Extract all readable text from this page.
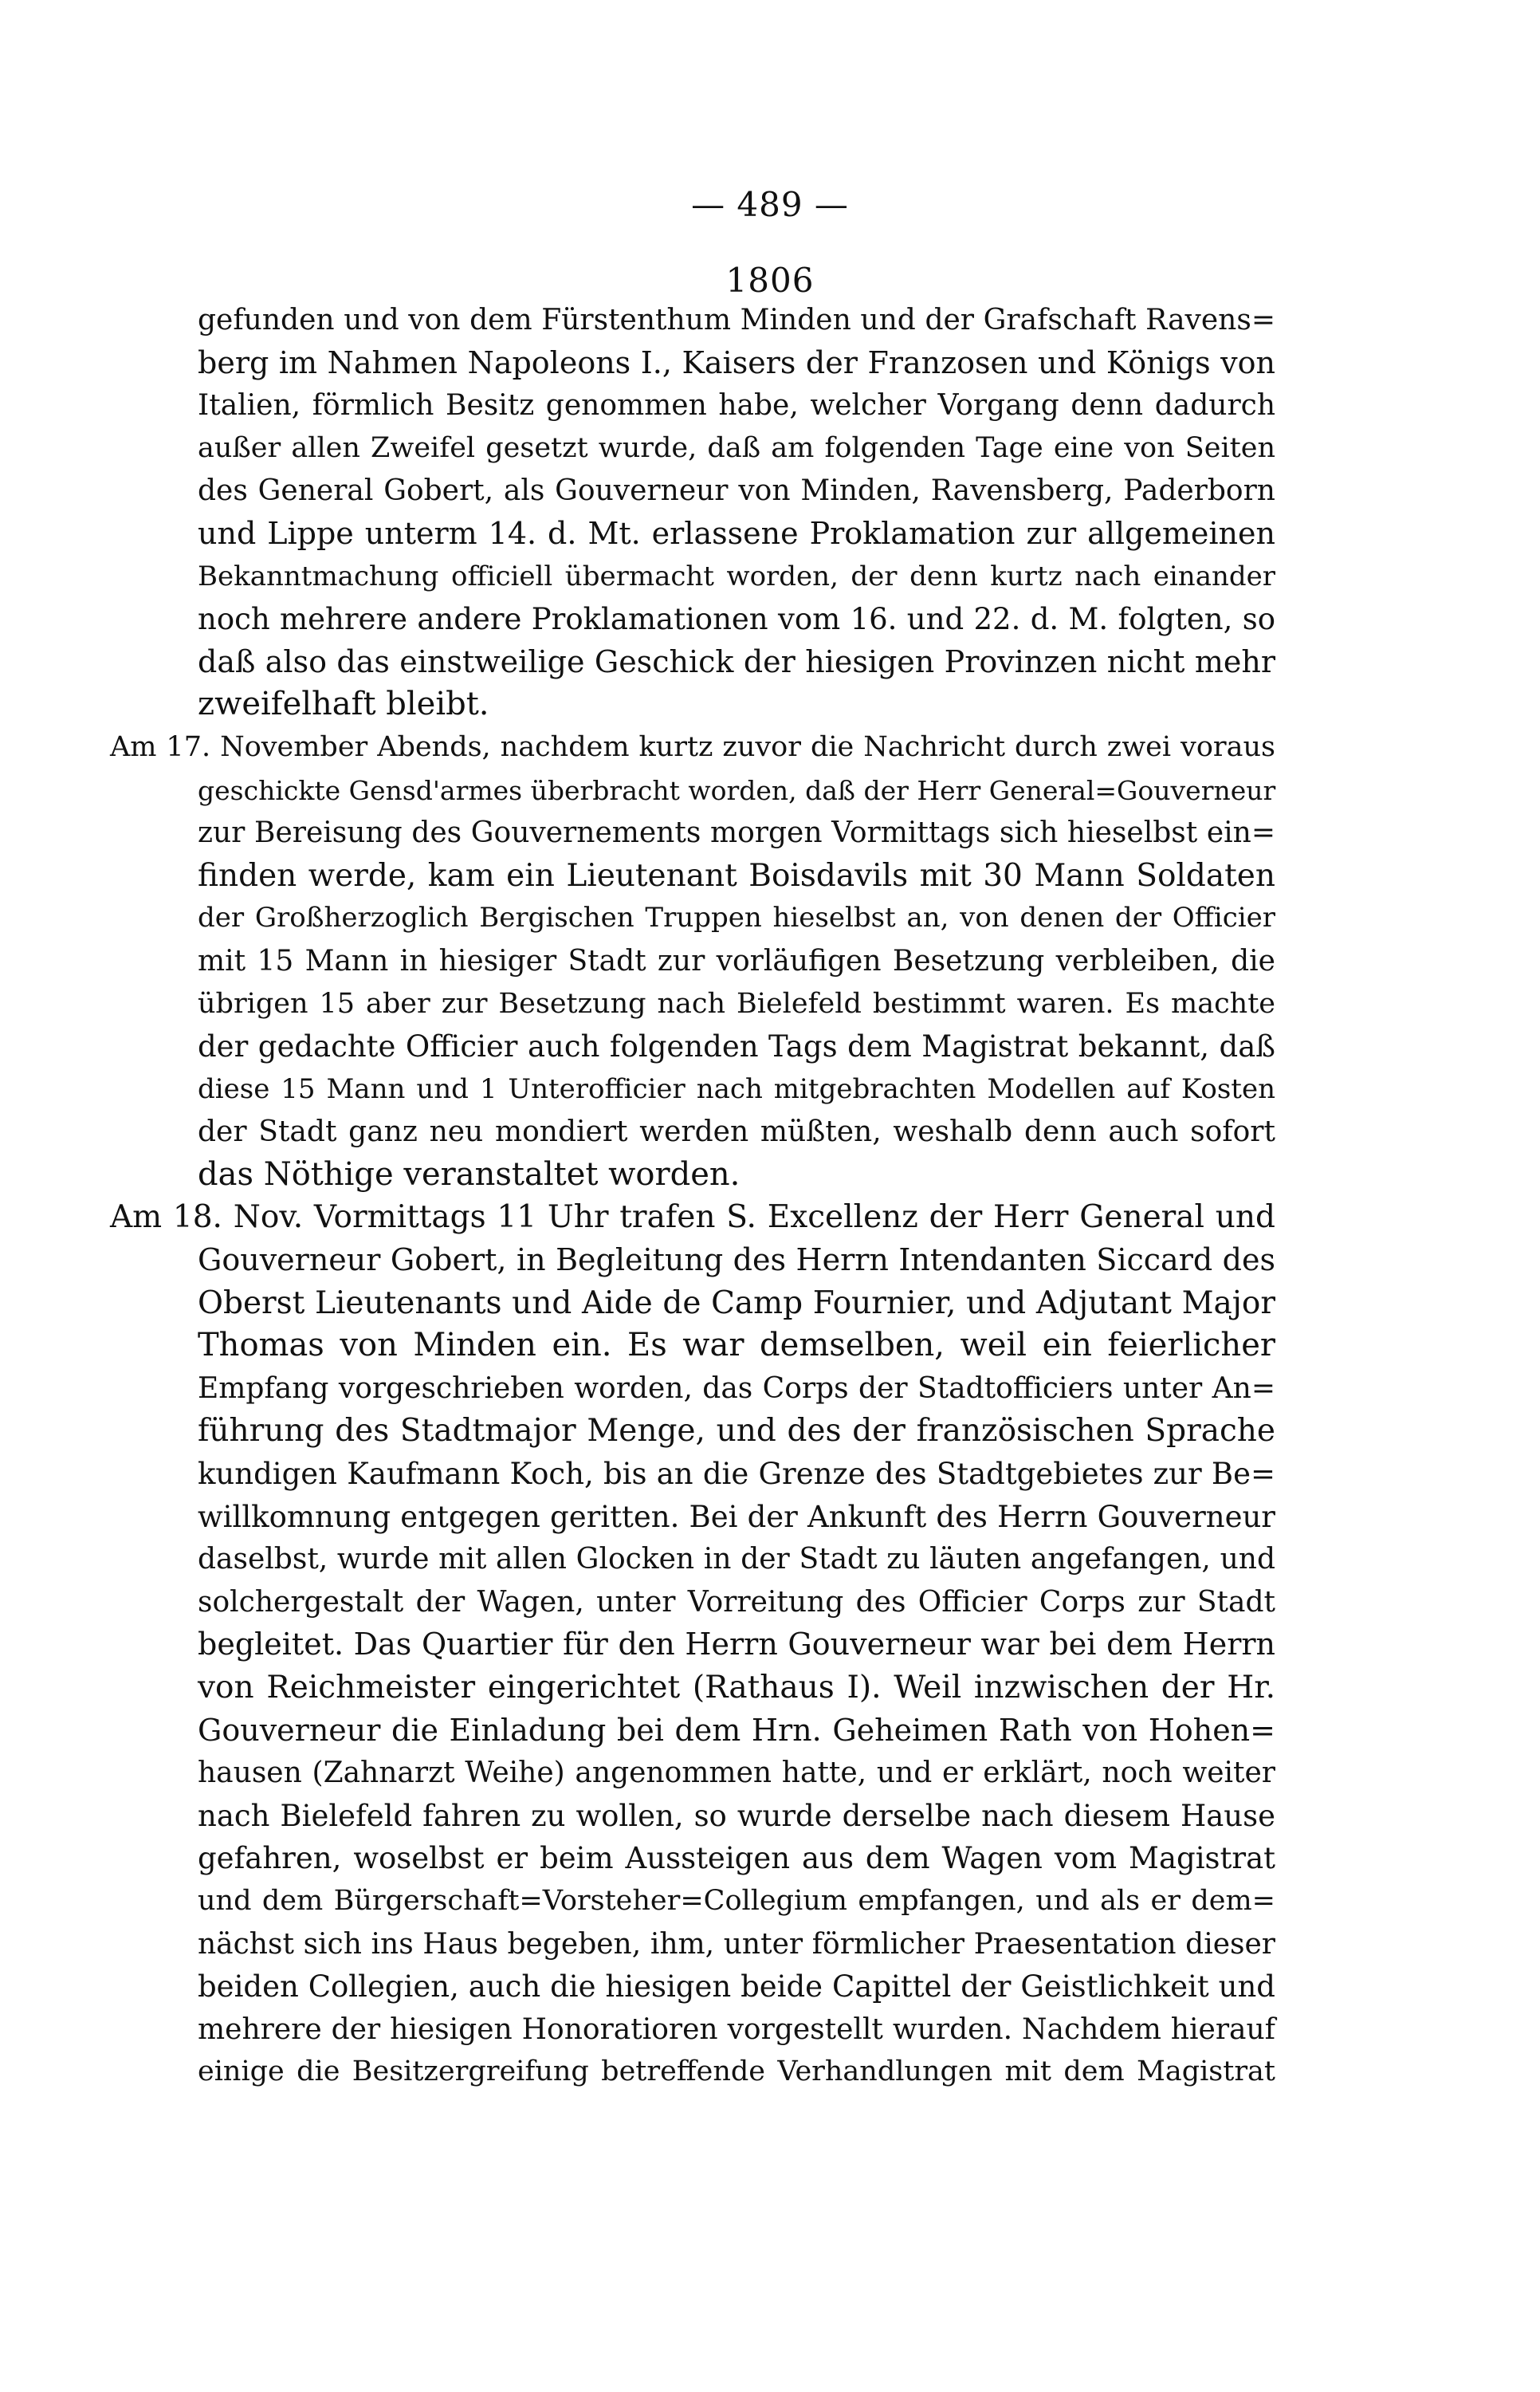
— 489 —
1806
gefunden und von dem Fürstenthum Minden und der Grafschaft Ravens=
berg im Nahmen Napoleons I., Kaisers der Franzosen und Königs von
Italien, förmlich Besitz genommen habe, welcher Vorgang denn dadurch
außer allen Zweifel gesetzt wurde, daß am folgenden Tage eine von Seiten
des General Gobert, als Gouverneur von Minden, Ravensberg, Paderborn
und Lippe unterm 14. d. Mt. erlassene Proklamation zur allgemeinen
Bekanntmachung officiell übermacht worden, der denn kurtz nach einander
noch mehrere andere Proklamationen vom 16. und 22. d. M. folgten, so
daß also das einstweilige Geschick der hiesigen Provinzen nicht mehr
zweifelhaft bleibt.
Am 17. November Abends, nachdem kurtz zuvor die Nachricht durch zwei voraus
geschickte Gensd'armes überbracht worden, daß der Herr General=Gouverneur
zur Bereisung des Gouvernements morgen Vormittags sich hieselbst ein=
finden werde, kam ein Lieutenant Boisdavils mit 30 Mann Soldaten
der Großherzoglich Bergischen Truppen hieselbst an, von denen der Officier
mit 15 Mann in hiesiger Stadt zur vorläufigen Besetzung verbleiben, die
übrigen 15 aber zur Besetzung nach Bielefeld bestimmt waren. Es machte
der gedachte Officier auch folgenden Tags dem Magistrat bekannt, daß
diese 15 Mann und 1 Unterofficier nach mitgebrachten Modellen auf Kosten
der Stadt ganz neu mondiert werden müßten, weshalb denn auch sofort
das Nöthige veranstaltet worden.
Am 18. Nov. Vormittags 11 Uhr trafen S. Excellenz der Herr General und
Gouverneur Gobert, in Begleitung des Herrn Intendanten Siccard des
Oberst Lieutenants und Aide de Camp Fournier, und Adjutant Major
Thomas von Minden ein. Es war demselben, weil ein feierlicher
Empfang vorgeschrieben worden, das Corps der Stadtofficiers unter An=
führung des Stadtmajor Menge, und des der französischen Sprache
kundigen Kaufmann Koch, bis an die Grenze des Stadtgebietes zur Be=
willkomnung entgegen geritten. Bei der Ankunft des Herrn Gouverneur
daselbst, wurde mit allen Glocken in der Stadt zu läuten angefangen, und
solchergestalt der Wagen, unter Vorreitung des Officier Corps zur Stadt
begleitet. Das Quartier für den Herrn Gouverneur war bei dem Herrn
von Reichmeister eingerichtet (Rathaus I). Weil inzwischen der Hr.
Gouverneur die Einladung bei dem Hrn. Geheimen Rath von Hohen=
hausen (Zahnarzt Weihe) angenommen hatte, und er erklärt, noch weiter
nach Bielefeld fahren zu wollen, so wurde derselbe nach diesem Hause
gefahren, woselbst er beim Aussteigen aus dem Wagen vom Magistrat
und dem Bürgerschaft=Vorsteher=Collegium empfangen, und als er dem=
nächst sich ins Haus begeben, ihm, unter förmlicher Praesentation dieser
beiden Collegien, auch die hiesigen beide Capittel der Geistlichkeit und
mehrere der hiesigen Honoratioren vorgestellt wurden. Nachdem hierauf
einige die Besitzergreifung betreffende Verhandlungen mit dem Magistrat
